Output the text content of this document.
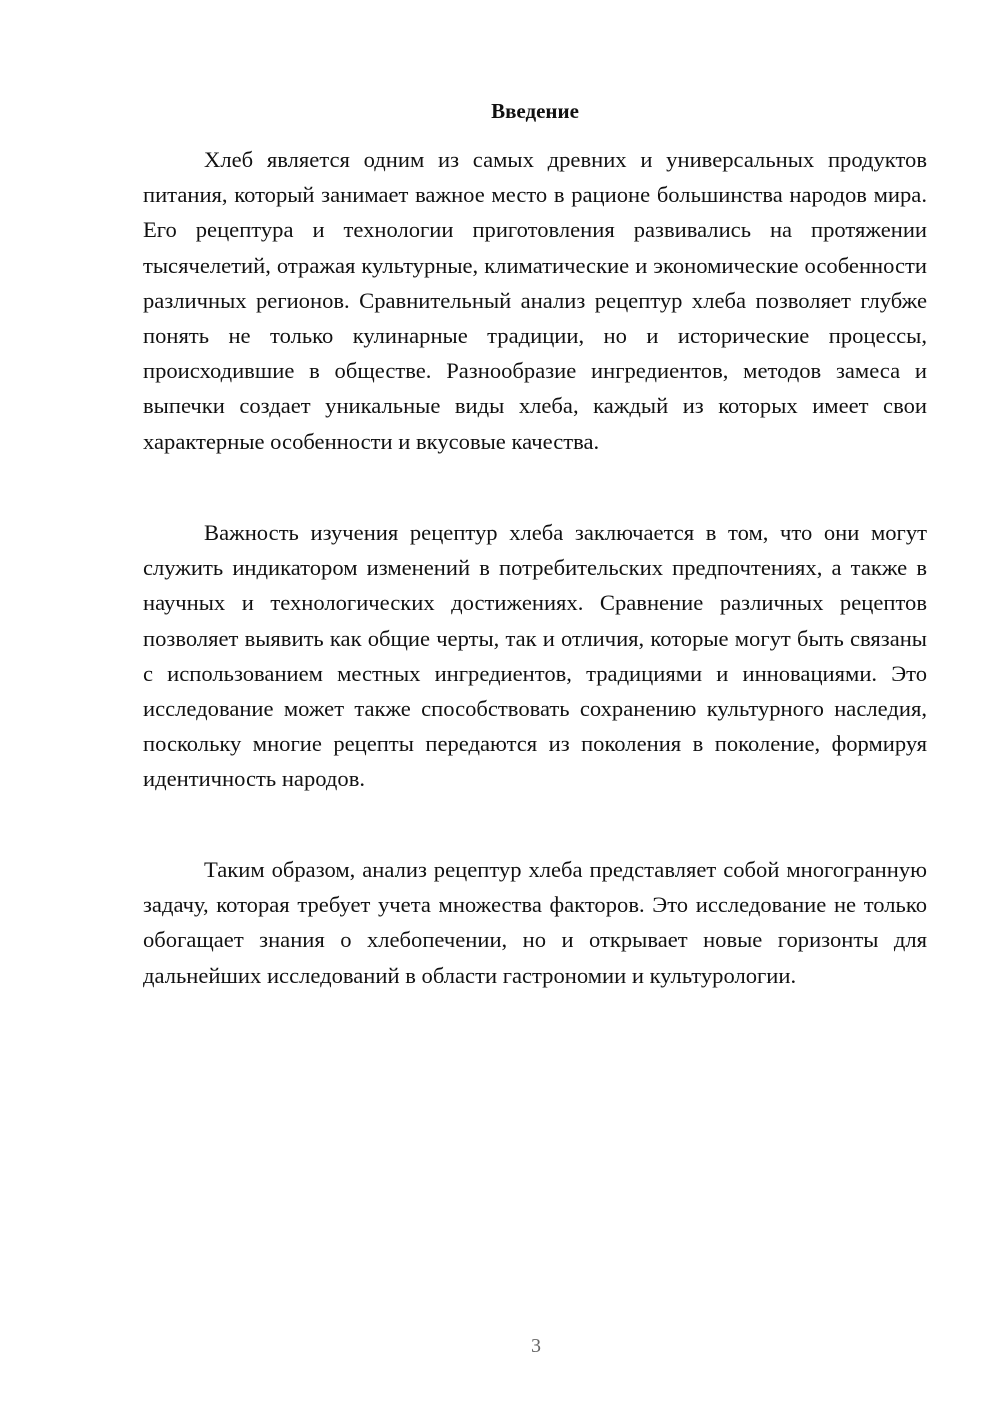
Введение

Хлеб является одним из самых древних и универсальных продуктов питания, который занимает важное место в рационе большинства народов мира. Его рецептура и технологии приготовления развивались на протяжении тысячелетий, отражая культурные, климатические и экономические особенности различных регионов. Сравнительный анализ рецептур хлеба позволяет глубже понять не только кулинарные традиции, но и исторические процессы, происходившие в обществе. Разнообразие ингредиентов, методов замеса и выпечки создает уникальные виды хлеба, каждый из которых имеет свои характерные особенности и вкусовые качества.

Важность изучения рецептур хлеба заключается в том, что они могут служить индикатором изменений в потребительских предпочтениях, а также в научных и технологических достижениях. Сравнение различных рецептов позволяет выявить как общие черты, так и отличия, которые могут быть связаны с использованием местных ингредиентов, традициями и инновациями. Это исследование может также способствовать сохранению культурного наследия, поскольку многие рецепты передаются из поколения в поколение, формируя идентичность народов.

Таким образом, анализ рецептур хлеба представляет собой многогранную задачу, которая требует учета множества факторов. Это исследование не только обогащает знания о хлебопечении, но и открывает новые горизонты для дальнейших исследований в области гастрономии и культурологии.

3
